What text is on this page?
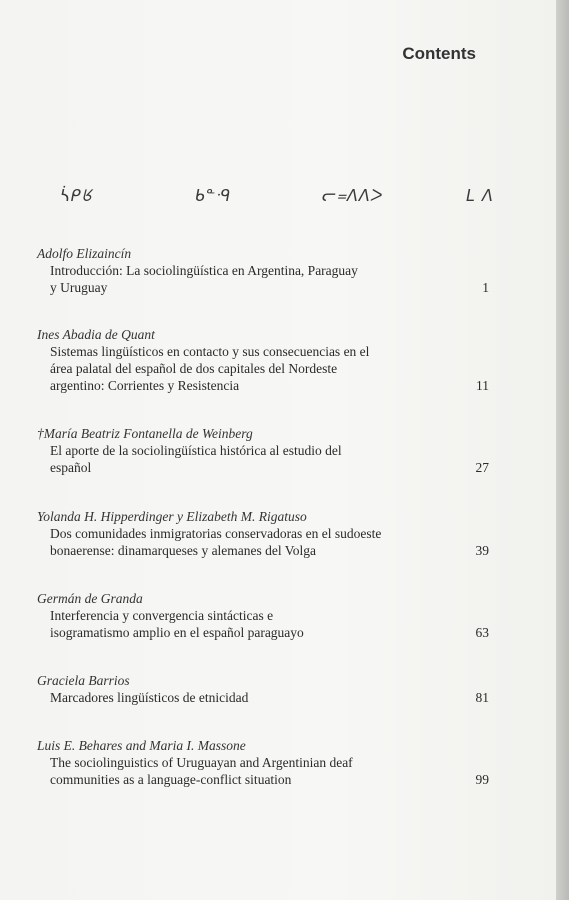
Contents
ᓵᑭᖉ	ᑲᓐᑴ	ᓕ᐀ᐱᐱᐳ	ᒪ ᐱ
Adolfo Elizaincín
Introducción: La sociolingüística en Argentina, Paraguay y Uruguay	1
Ines Abadia de Quant
Sistemas lingüísticos en contacto y sus consecuencias en el área palatal del español de dos capitales del Nordeste argentino: Corrientes y Resistencia	11
†María Beatriz Fontanella de Weinberg
El aporte de la sociolingüística histórica al estudio del español	27
Yolanda H. Hipperdinger y Elizabeth M. Rigatuso
Dos comunidades inmigratorias conservadoras en el sudoeste bonaerense: dinamarqueses y alemanes del Volga	39
Germán de Granda
Interferencia y convergencia sintácticas e isogramatismo amplio en el español paraguayo	63
Graciela Barrios
Marcadores lingüísticos de etnicidad	81
Luis E. Behares and Maria I. Massone
The sociolinguistics of Uruguayan and Argentinian deaf communities as a language-conflict situation	99
